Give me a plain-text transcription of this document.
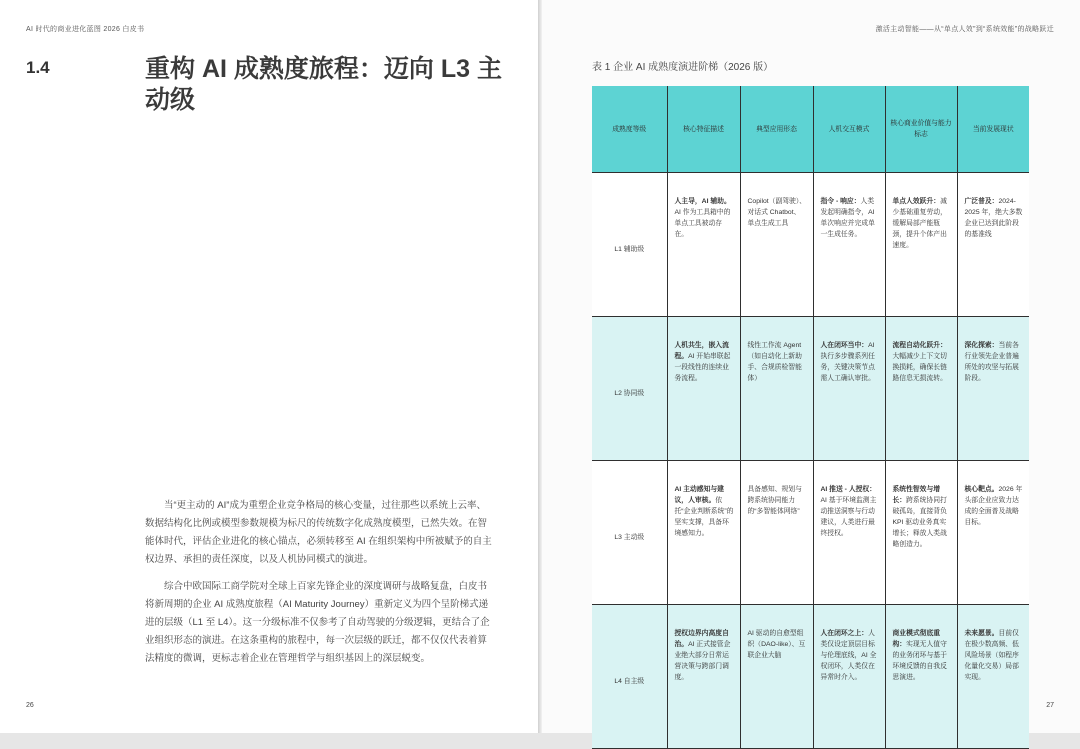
AI 时代的商业进化蓝图 2026 白皮书
1.4	重构 AI 成熟度旅程：迈向 L3 主动级

当“更主动的 AI”成为重塑企业竞争格局的核心变量，过往那些以系统上云率、数据结构化比例或模型参数规模为标尺的传统数字化成熟度模型，已然失效。在智能体时代，评估企业进化的核心锚点，必须转移至 AI 在组织架构中所被赋予的自主权边界、承担的责任深度，以及人机协同模式的演进。

综合中欧国际工商学院对全球上百家先锋企业的深度调研与战略复盘，白皮书将新周期的企业 AI 成熟度旅程（AI Maturity Journey）重新定义为四个呈阶梯式递进的层级（L1 至 L4）。这一分级标准不仅参考了自动驾驶的分级逻辑，更结合了企业组织形态的演进。在这条重构的旅程中，每一次层级的跃迁，都不仅仅代表着算法精度的微调，更标志着企业在管理哲学与组织基因上的深层蜕变。

26
激活主动智能——从“单点人效”到“系统效能”的战略跃迁
表 1 企业 AI 成熟度演进阶梯（2026 版）
成熟度等级	核心特征描述	典型应用形态	人机交互模式	核心商业价值与能力标志	当前发展现状

L1 辅助级	人主导，AI 辅助。AI 作为工具箱中的单点工具被动存在。	Copilot（副驾驶）、对话式 Chatbot、单点生成工具	指令 - 响应：人类发起明确指令，AI 单次响应并完成单一生成任务。	单点人效跃升：减少基础重复劳动，缓解局部产能瓶颈，提升个体产出速度。	广泛普及：2024-2025 年，绝大多数企业已达到此阶段的基准线

L2 协同级	人机共生，嵌入流程。AI 开始串联起一段线性的连续业务流程。	线性工作流 Agent（如自动化上新助手、合规质检智能体）	人在闭环当中：AI 执行多步骤系列任务，关键决策节点需人工确认审批。	流程自动化跃升：大幅减少上下文切换损耗，确保长链路信息无损流转。	深化探索：当前各行业领先企业普遍所处的攻坚与拓展阶段。

L3 主动级	AI 主动感知与建议，人审核。依托“企业判断系统”的坚实支撑，具备环境感知力。	具备感知、规划与跨系统协同能力的“多智能体网络”	AI 推送 - 人授权：AI 基于环境监测主动推送洞察与行动建议，人类进行最终授权。	系统性智效与增长：跨系统协同打破孤岛，直接背负 KPI 驱动业务真实增长；释放人类战略创造力。	核心靶点。2026 年头部企业应致力达成的全面普及战略目标。

L4 自主级	授权边界内高度自治。AI 正式接管企业绝大部分日常运营决策与跨部门调度。	AI 驱动的自愈型组织（DAO-like）、互联企业大脑	人在闭环之上：人类仅设定顶层目标与伦理底线，AI 全权闭环，人类仅在异常时介入。	商业模式彻底重构：实现无人值守的业务闭环与基于环境反馈的自我反思演进。	未来愿景。目前仅在极少数高频、低风险场景（如程序化量化交易）局部实现。
27
